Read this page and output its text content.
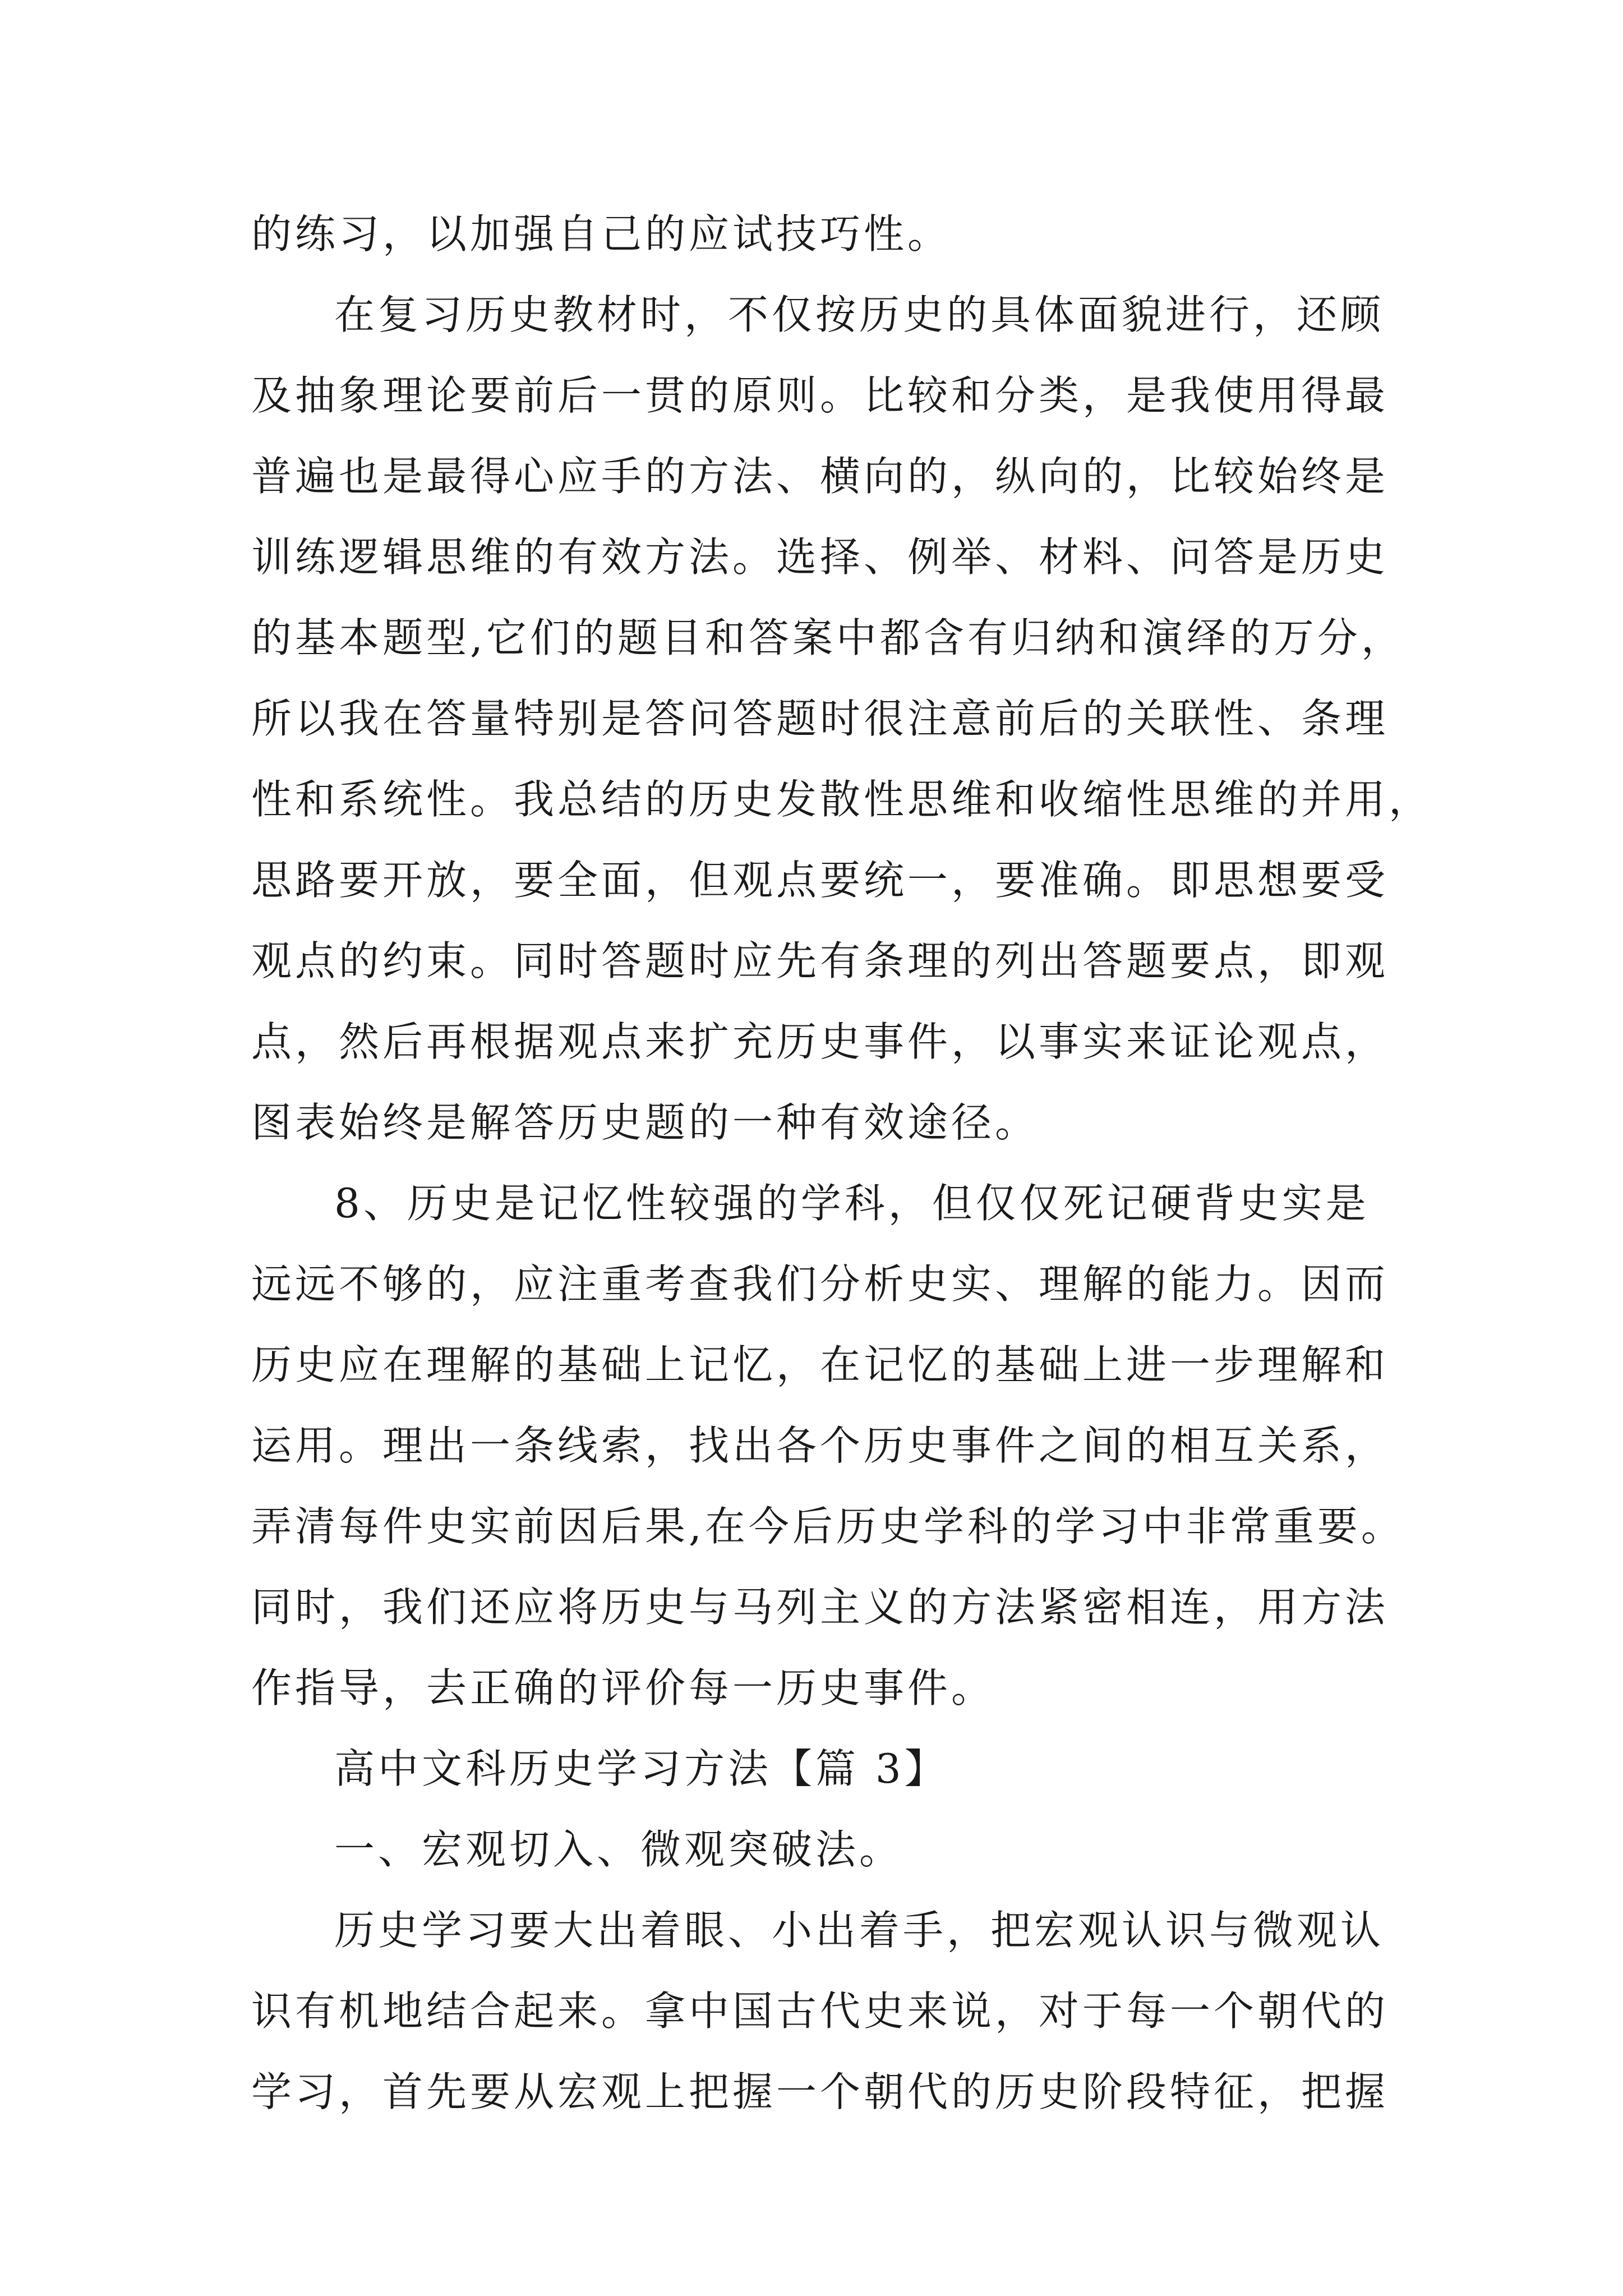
的练习，以加强自己的应试技巧性。
在复习历史教材时，不仅按历史的具体面貌进行，还顾
及抽象理论要前后一贯的原则。比较和分类，是我使用得最
普遍也是最得心应手的方法、横向的，纵向的，比较始终是
训练逻辑思维的有效方法。选择、例举、材料、问答是历史
的基本题型,它们的题目和答案中都含有归纳和演绎的万分，
所以我在答量特别是答问答题时很注意前后的关联性、条理
性和系统性。我总结的历史发散性思维和收缩性思维的并用，
思路要开放，要全面，但观点要统一，要准确。即思想要受
观点的约束。同时答题时应先有条理的列出答题要点，即观
点，然后再根据观点来扩充历史事件，以事实来证论观点，
图表始终是解答历史题的一种有效途径。
8、历史是记忆性较强的学科，但仅仅死记硬背史实是
远远不够的，应注重考查我们分析史实、理解的能力。因而
历史应在理解的基础上记忆，在记忆的基础上进一步理解和
运用。理出一条线索，找出各个历史事件之间的相互关系，
弄清每件史实前因后果,在今后历史学科的学习中非常重要。
同时，我们还应将历史与马列主义的方法紧密相连，用方法
作指导，去正确的评价每一历史事件。
高中文科历史学习方法【篇 3】
一、宏观切入、微观突破法。
历史学习要大出着眼、小出着手，把宏观认识与微观认
识有机地结合起来。拿中国古代史来说，对于每一个朝代的
学习，首先要从宏观上把握一个朝代的历史阶段特征，把握
